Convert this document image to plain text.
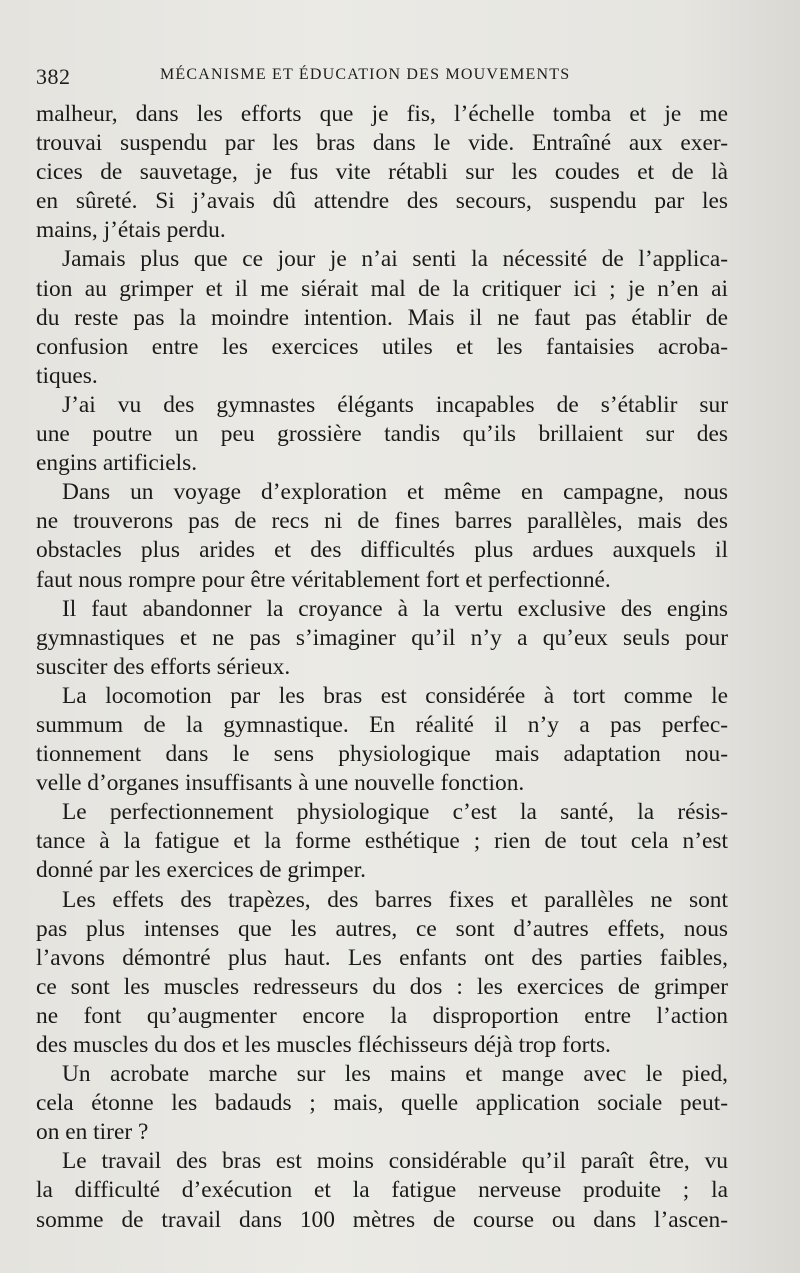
382	MÉCANISME ET ÉDUCATION DES MOUVEMENTS
malheur, dans les efforts que je fis, l’échelle tomba et je me
trouvai suspendu par les bras dans le vide. Entraîné aux exer-
cices de sauvetage, je fus vite rétabli sur les coudes et de là
en sûreté. Si j’avais dû attendre des secours, suspendu par les
mains, j’étais perdu.
Jamais plus que ce jour je n’ai senti la nécessité de l’applica-
tion au grimper et il me siérait mal de la critiquer ici ; je n’en ai
du reste pas la moindre intention. Mais il ne faut pas établir de
confusion entre les exercices utiles et les fantaisies acroba-
tiques.
J’ai vu des gymnastes élégants incapables de s’établir sur
une poutre un peu grossière tandis qu’ils brillaient sur des
engins artificiels.
Dans un voyage d’exploration et même en campagne, nous
ne trouverons pas de recs ni de fines barres parallèles, mais des
obstacles plus arides et des difficultés plus ardues auxquels il
faut nous rompre pour être véritablement fort et perfectionné.
Il faut abandonner la croyance à la vertu exclusive des engins
gymnastiques et ne pas s’imaginer qu’il n’y a qu’eux seuls pour
susciter des efforts sérieux.
La locomotion par les bras est considérée à tort comme le
summum de la gymnastique. En réalité il n’y a pas perfec-
tionnement dans le sens physiologique mais adaptation nou-
velle d’organes insuffisants à une nouvelle fonction.
Le perfectionnement physiologique c’est la santé, la résis-
tance à la fatigue et la forme esthétique ; rien de tout cela n’est
donné par les exercices de grimper.
Les effets des trapèzes, des barres fixes et parallèles ne sont
pas plus intenses que les autres, ce sont d’autres effets, nous
l’avons démontré plus haut. Les enfants ont des parties faibles,
ce sont les muscles redresseurs du dos : les exercices de grimper
ne font qu’augmenter encore la disproportion entre l’action
des muscles du dos et les muscles fléchisseurs déjà trop forts.
Un acrobate marche sur les mains et mange avec le pied,
cela étonne les badauds ; mais, quelle application sociale peut-
on en tirer ?
Le travail des bras est moins considérable qu’il paraît être, vu
la difficulté d’exécution et la fatigue nerveuse produite ; la
somme de travail dans 100 mètres de course ou dans l’ascen-
